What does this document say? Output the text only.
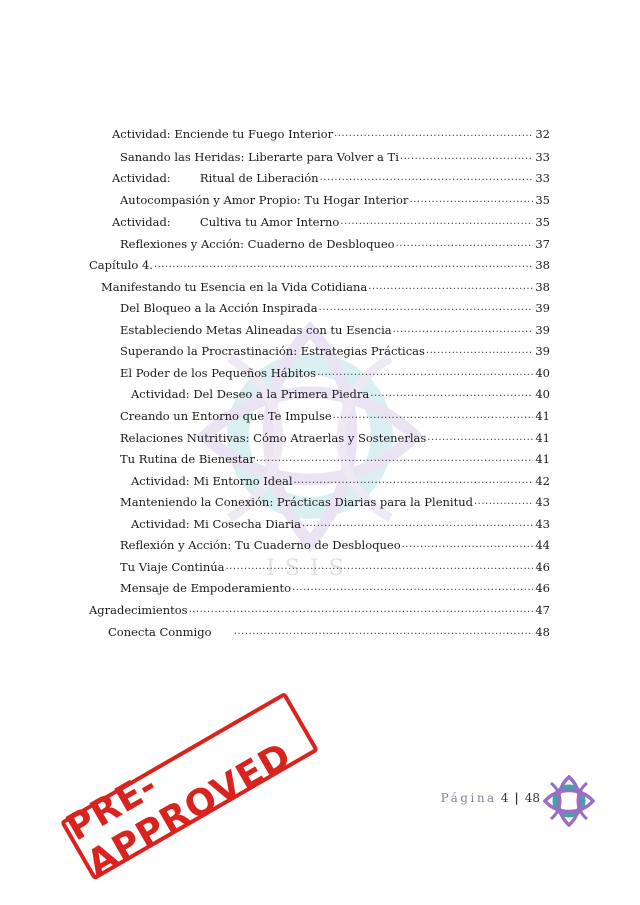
ISIS
Actividad: Enciende tu Fuego Interior .....	32
Sanando las Heridas: Liberarte para Volver a Ti .....	33
Actividad:        Ritual de Liberación .....	33
Autocompasión y Amor Propio: Tu Hogar Interior .....	35
Actividad:        Cultiva tu Amor Interno .....	35
Reflexiones y Acción: Cuaderno de Desbloqueo .....	37
Capítulo 4. .....	38
Manifestando tu Esencia en la Vida Cotidiana .....	38
Del Bloqueo a la Acción Inspirada .....	39
Estableciendo Metas Alineadas con tu Esencia .....	39
Superando la Procrastinación: Estrategias Prácticas .....	39
El Poder de los Pequeños Hábitos .....	40
Actividad: Del Deseo a la Primera Piedra .....	40
Creando un Entorno que Te Impulse .....	41
Relaciones Nutritivas: Cómo Atraerlas y Sostenerlas .....	41
Tu Rutina de Bienestar .....	41
Actividad: Mi Entorno Ideal .....	42
Manteniendo la Conexión: Prácticas Diarias para la Plenitud .....	43
Actividad: Mi Cosecha Diaria .....	43
Reflexión y Acción: Tu Cuaderno de Desbloqueo .....	44
Tu Viaje Continúa .....	46
Mensaje de Empoderamiento .....	46
Agradecimientos .....	47
Conecta Conmigo .....	48
PRE-APPROVED	Página 4 | 48
